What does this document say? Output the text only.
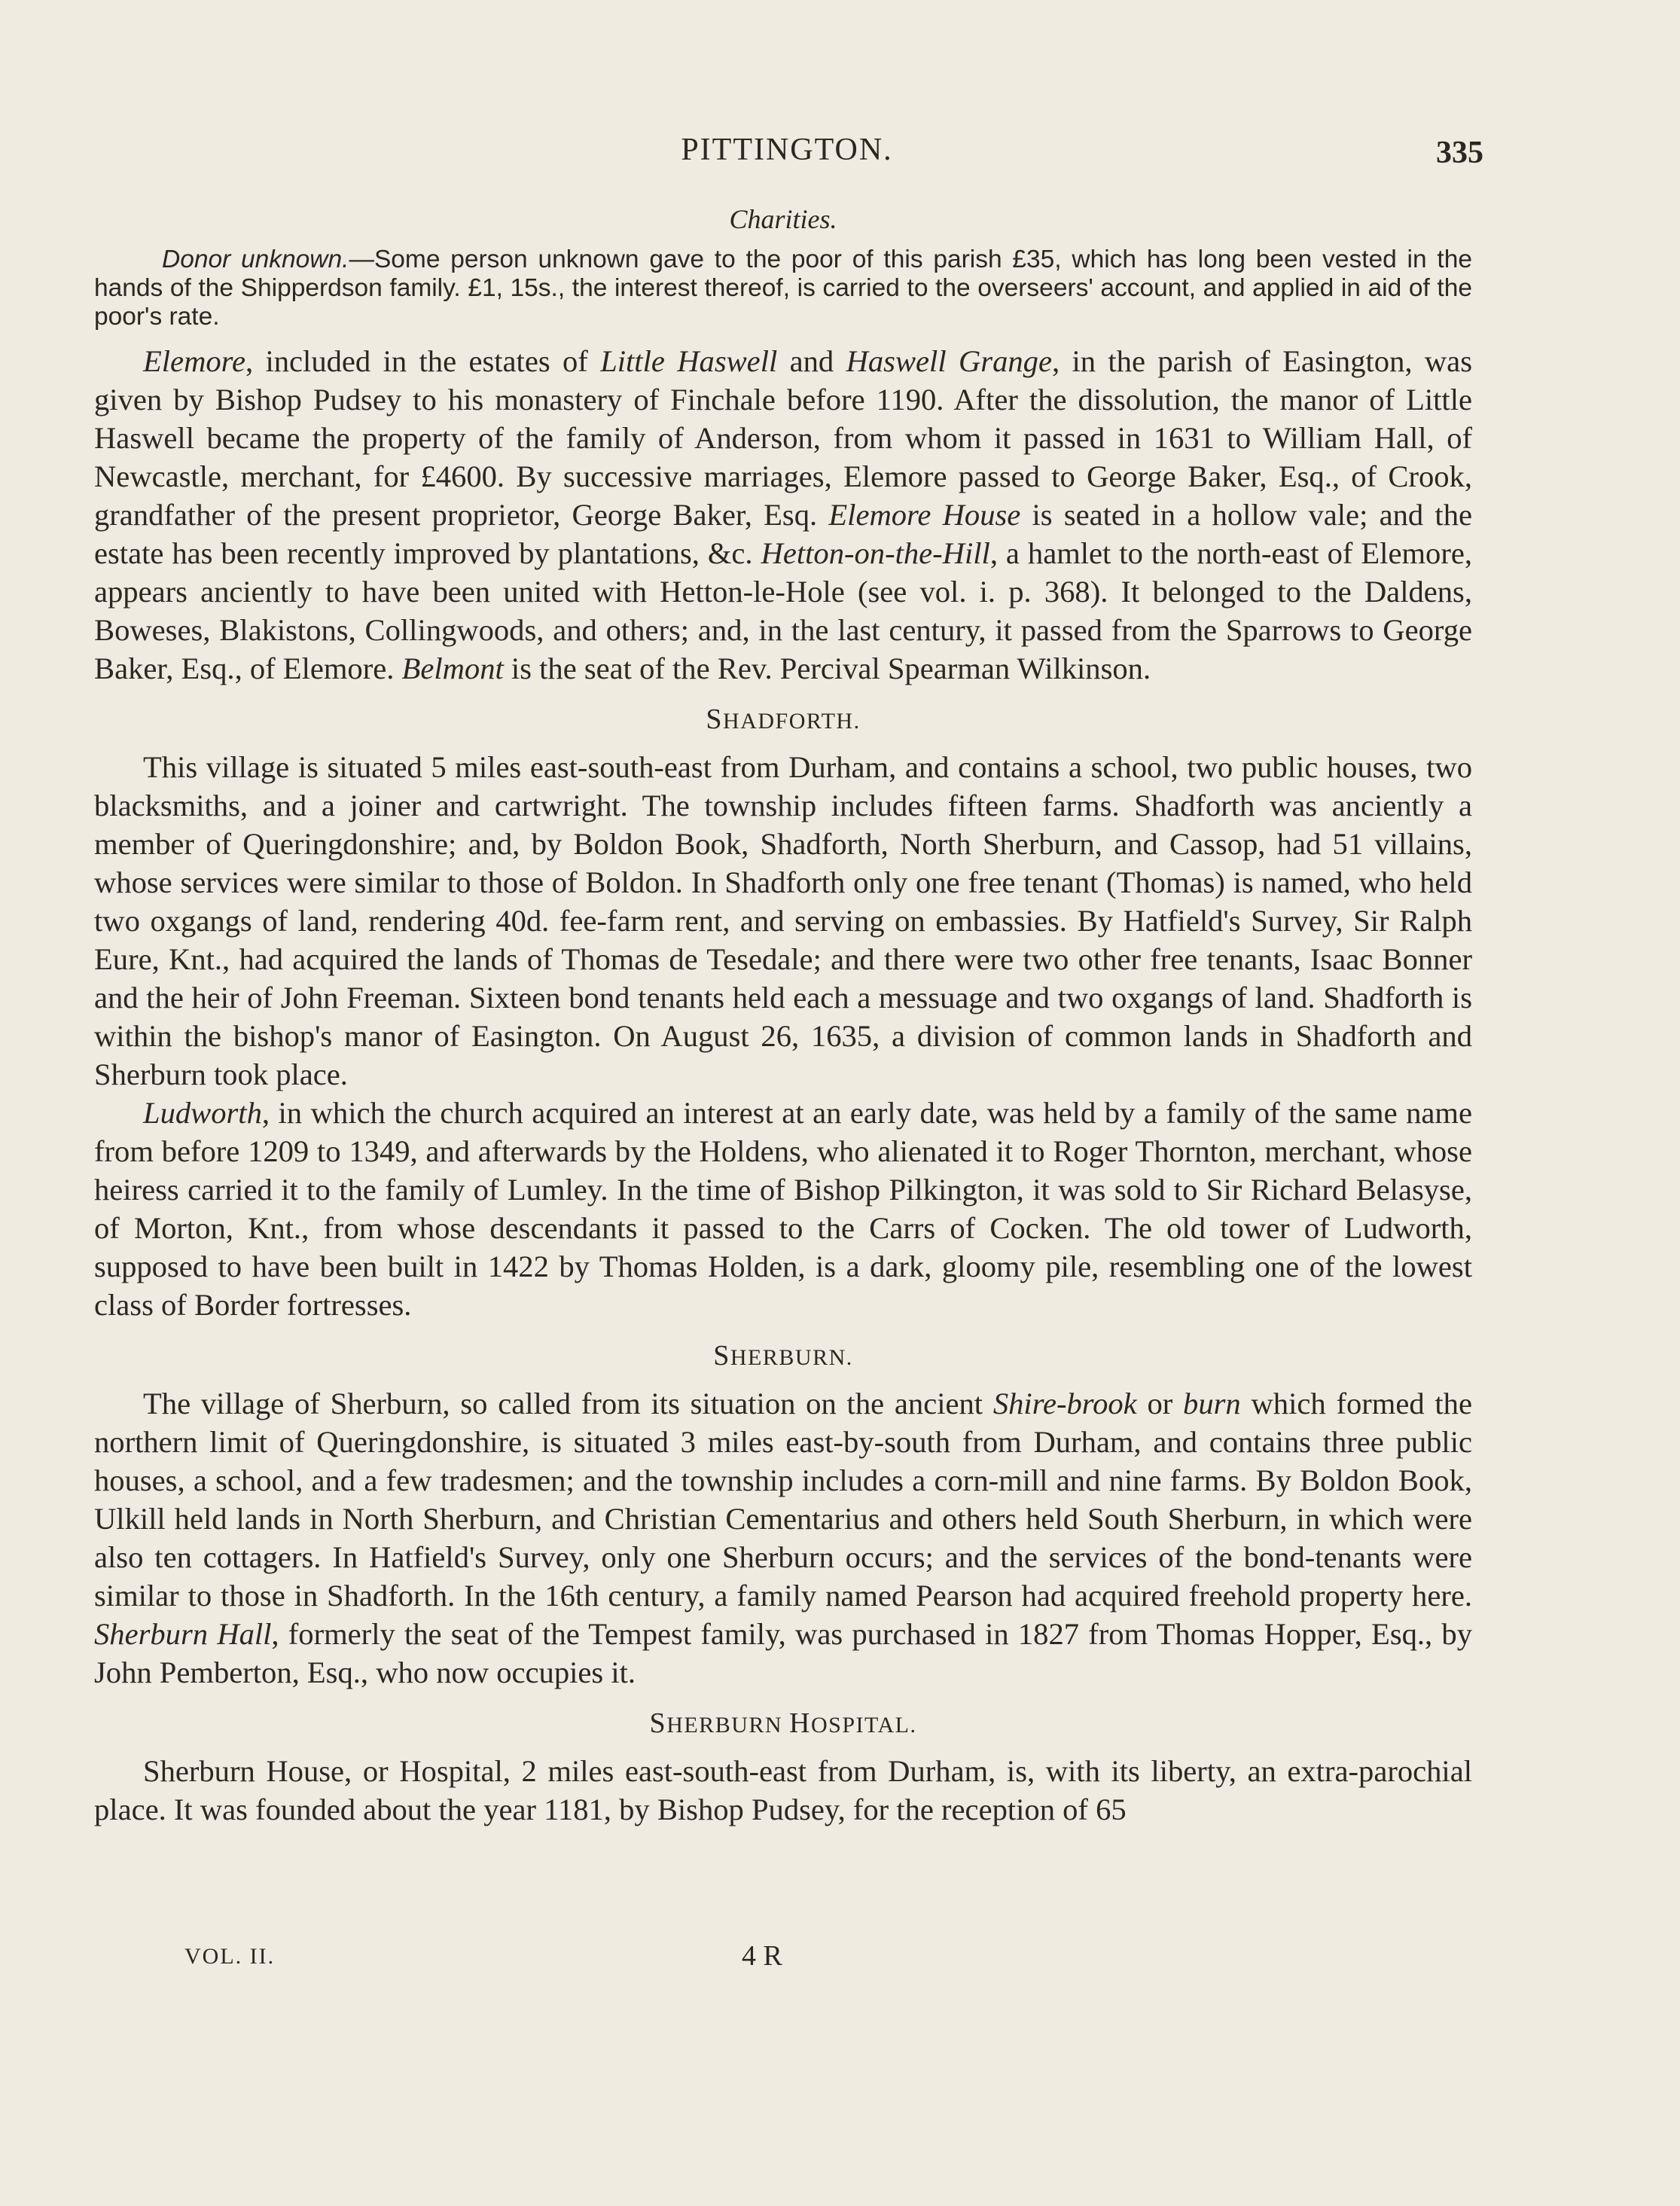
PITTINGTON.	335
Charities.
Donor unknown.—Some person unknown gave to the poor of this parish £35, which has long been vested in the hands of the Shipperdson family. £1, 15s., the interest thereof, is carried to the overseers' account, and applied in aid of the poor's rate.

Elemore, included in the estates of Little Haswell and Haswell Grange, in the parish of Easington, was given by Bishop Pudsey to his monastery of Finchale before 1190. After the dissolution, the manor of Little Haswell became the property of the family of Anderson, from whom it passed in 1631 to William Hall, of Newcastle, merchant, for £4600. By successive marriages, Elemore passed to George Baker, Esq., of Crook, grandfather of the present proprietor, George Baker, Esq. Elemore House is seated in a hollow vale; and the estate has been recently improved by plantations, &c. Hetton-on-the-Hill, a hamlet to the north-east of Elemore, appears anciently to have been united with Hetton-le-Hole (see vol. i. p. 368). It belonged to the Daldens, Boweses, Blakistons, Collingwoods, and others; and, in the last century, it passed from the Sparrows to George Baker, Esq., of Elemore. Belmont is the seat of the Rev. Percival Spearman Wilkinson.

SHADFORTH.

This village is situated 5 miles east-south-east from Durham, and contains a school, two public houses, two blacksmiths, and a joiner and cartwright. The township includes fifteen farms. Shadforth was anciently a member of Queringdonshire; and, by Boldon Book, Shadforth, North Sherburn, and Cassop, had 51 villains, whose services were similar to those of Boldon. In Shadforth only one free tenant (Thomas) is named, who held two oxgangs of land, rendering 40d. fee-farm rent, and serving on embassies. By Hatfield's Survey, Sir Ralph Eure, Knt., had acquired the lands of Thomas de Tesedale; and there were two other free tenants, Isaac Bonner and the heir of John Freeman. Sixteen bond tenants held each a messuage and two oxgangs of land. Shadforth is within the bishop's manor of Easington. On August 26, 1635, a division of common lands in Shadforth and Sherburn took place.

Ludworth, in which the church acquired an interest at an early date, was held by a family of the same name from before 1209 to 1349, and afterwards by the Holdens, who alienated it to Roger Thornton, merchant, whose heiress carried it to the family of Lumley. In the time of Bishop Pilkington, it was sold to Sir Richard Belasyse, of Morton, Knt., from whose descendants it passed to the Carrs of Cocken. The old tower of Ludworth, supposed to have been built in 1422 by Thomas Holden, is a dark, gloomy pile, resembling one of the lowest class of Border fortresses.

SHERBURN.

The village of Sherburn, so called from its situation on the ancient Shire-brook or burn which formed the northern limit of Queringdonshire, is situated 3 miles east-by-south from Durham, and contains three public houses, a school, and a few tradesmen; and the township includes a corn-mill and nine farms. By Boldon Book, Ulkill held lands in North Sherburn, and Christian Cementarius and others held South Sherburn, in which were also ten cottagers. In Hatfield's Survey, only one Sherburn occurs; and the services of the bond-tenants were similar to those in Shadforth. In the 16th century, a family named Pearson had acquired freehold property here. Sherburn Hall, formerly the seat of the Tempest family, was purchased in 1827 from Thomas Hopper, Esq., by John Pemberton, Esq., who now occupies it.

SHERBURN HOSPITAL.

Sherburn House, or Hospital, 2 miles east-south-east from Durham, is, with its liberty, an extra-parochial place. It was founded about the year 1181, by Bishop Pudsey, for the reception of 65

VOL. II.	4 R
